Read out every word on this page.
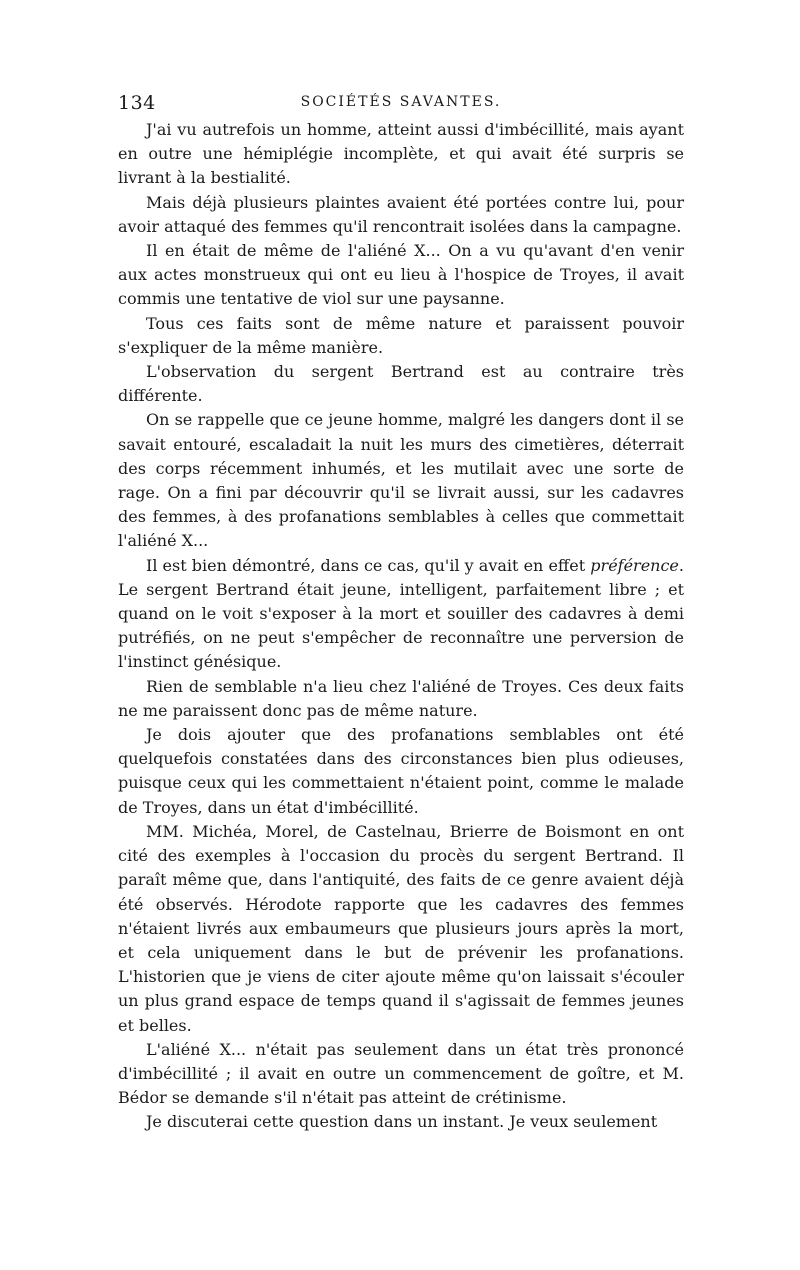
134	SOCIÉTÉS SAVANTES.

J'ai vu autrefois un homme, atteint aussi d'imbécillité, mais ayant en outre une hémiplégie incomplète, et qui avait été surpris se livrant à la bestialité.

Mais déjà plusieurs plaintes avaient été portées contre lui, pour avoir attaqué des femmes qu'il rencontrait isolées dans la campagne.

Il en était de même de l'aliéné X... On a vu qu'avant d'en venir aux actes monstrueux qui ont eu lieu à l'hospice de Troyes, il avait commis une tentative de viol sur une paysanne.

Tous ces faits sont de même nature et paraissent pouvoir s'expliquer de la même manière.

L'observation du sergent Bertrand est au contraire très différente.

On se rappelle que ce jeune homme, malgré les dangers dont il se savait entouré, escaladait la nuit les murs des cimetières, déterrait des corps récemment inhumés, et les mutilait avec une sorte de rage. On a fini par découvrir qu'il se livrait aussi, sur les cadavres des femmes, à des profanations semblables à celles que commettait l'aliéné X...

Il est bien démontré, dans ce cas, qu'il y avait en effet préférence. Le sergent Bertrand était jeune, intelligent, parfaitement libre ; et quand on le voit s'exposer à la mort et souiller des cadavres à demi putréfiés, on ne peut s'empêcher de reconnaître une perversion de l'instinct génésique.

Rien de semblable n'a lieu chez l'aliéné de Troyes. Ces deux faits ne me paraissent donc pas de même nature.

Je dois ajouter que des profanations semblables ont été quelquefois constatées dans des circonstances bien plus odieuses, puisque ceux qui les commettaient n'étaient point, comme le malade de Troyes, dans un état d'imbécillité.

MM. Michéa, Morel, de Castelnau, Brierre de Boismont en ont cité des exemples à l'occasion du procès du sergent Bertrand. Il paraît même que, dans l'antiquité, des faits de ce genre avaient déjà été observés. Hérodote rapporte que les cadavres des femmes n'étaient livrés aux embaumeurs que plusieurs jours après la mort, et cela uniquement dans le but de prévenir les profanations. L'historien que je viens de citer ajoute même qu'on laissait s'écouler un plus grand espace de temps quand il s'agissait de femmes jeunes et belles.

L'aliéné X... n'était pas seulement dans un état très prononcé d'imbécillité ; il avait en outre un commencement de goître, et M. Bédor se demande s'il n'était pas atteint de crétinisme.

Je discuterai cette question dans un instant. Je veux seulement
